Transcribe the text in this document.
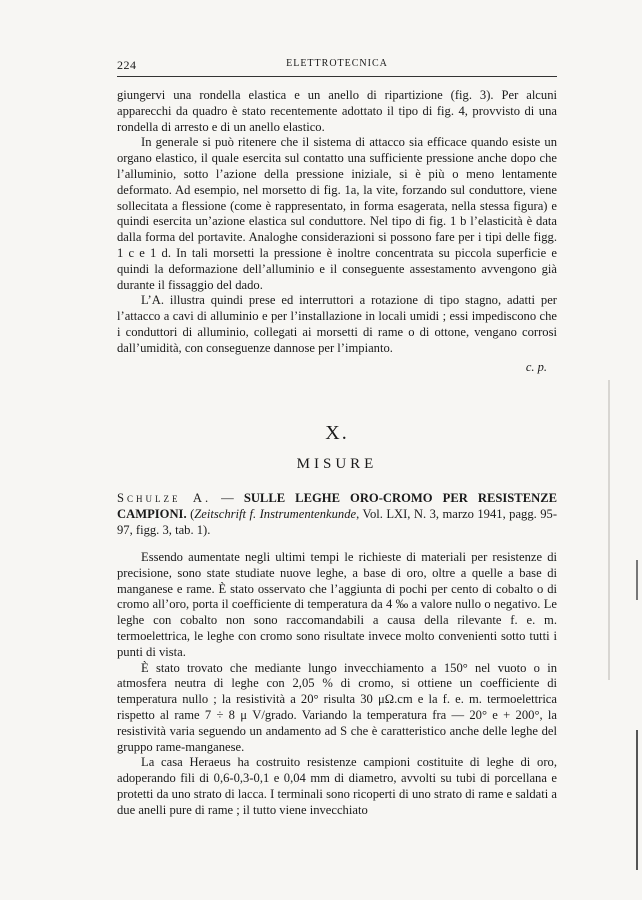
224	ELETTROTECNICA

giungervi una rondella elastica e un anello di ripartizione (fig. 3). Per alcuni apparecchi da quadro è stato recentemente adottato il tipo di fig. 4, provvisto di una rondella di arresto e di un anello elastico.

In generale si può ritenere che il sistema di attacco sia efficace quando esiste un organo elastico, il quale esercita sul contatto una sufficiente pressione anche dopo che l’alluminio, sotto l’azione della pressione iniziale, si è più o meno lentamente deformato. Ad esempio, nel morsetto di fig. 1a, la vite, forzando sul conduttore, viene sollecitata a flessione (come è rappresentato, in forma esagerata, nella stessa figura) e quindi esercita un’azione elastica sul conduttore. Nel tipo di fig. 1 b l’elasticità è data dalla forma del portavite. Analoghe considerazioni si possono fare per i tipi delle figg. 1 c e 1 d. In tali morsetti la pressione è inoltre concentrata su piccola superficie e quindi la deformazione dell’alluminio e il conseguente assestamento avvengono già durante il fissaggio del dado.

L’A. illustra quindi prese ed interruttori a rotazione di tipo stagno, adatti per l’attacco a cavi di alluminio e per l’installazione in locali umidi ; essi impediscono che i conduttori di alluminio, collegati ai morsetti di rame o di ottone, vengano corrosi dall’umidità, con conseguenze dannose per l’impianto.

c. p.

X.
MISURE

Schulze A. — SULLE LEGHE ORO-CROMO PER RESISTENZE CAMPIONI. (Zeitschrift f. Instrumentenkunde, Vol. LXI, N. 3, marzo 1941, pagg. 95-97, figg. 3, tab. 1).

Essendo aumentate negli ultimi tempi le richieste di materiali per resistenze di precisione, sono state studiate nuove leghe, a base di oro, oltre a quelle a base di manganese e rame. È stato osservato che l’aggiunta di pochi per cento di cobalto o di cromo all’oro, porta il coefficiente di temperatura da 4 ‰ a valore nullo o negativo. Le leghe con cobalto non sono raccomandabili a causa della rilevante f. e. m. termoelettrica, le leghe con cromo sono risultate invece molto convenienti sotto tutti i punti di vista.

È stato trovato che mediante lungo invecchiamento a 150° nel vuoto o in atmosfera neutra di leghe con 2,05 % di cromo, si ottiene un coefficiente di temperatura nullo ; la resistività a 20° risulta 30 μΩ.cm e la f. e. m. termoelettrica rispetto al rame 7 ÷ 8 μ V/grado. Variando la temperatura fra — 20° e + 200°, la resistività varia seguendo un andamento ad S che è caratteristico anche delle leghe del gruppo rame-manganese.

La casa Heraeus ha costruito resistenze campioni costituite di leghe di oro, adoperando fili di 0,6-0,3-0,1 e 0,04 mm di diametro, avvolti su tubi di porcellana e protetti da uno strato di lacca. I terminali sono ricoperti di uno strato di rame e saldati a due anelli pure di rame ; il tutto viene invecchiato
